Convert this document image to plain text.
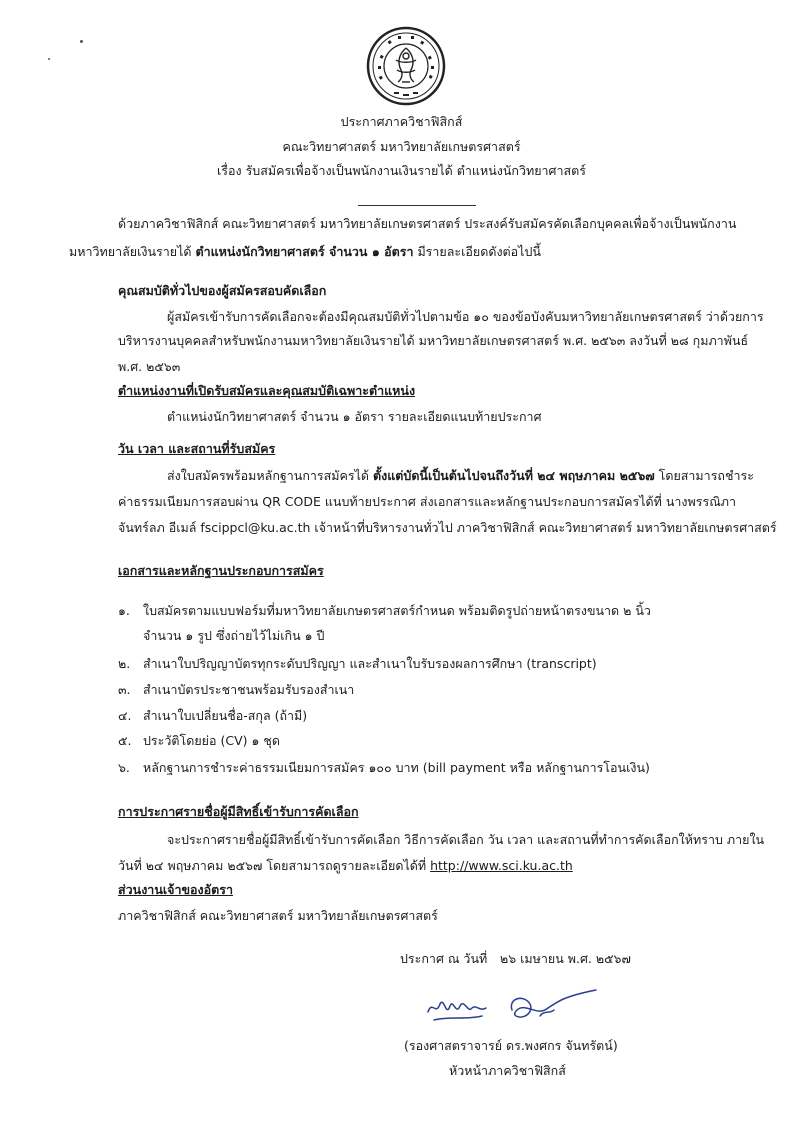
ประกาศภาควิชาฟิสิกส์
คณะวิทยาศาสตร์ มหาวิทยาลัยเกษตรศาสตร์
เรื่อง รับสมัครเพื่อจ้างเป็นพนักงานเงินรายได้ ตำแหน่งนักวิทยาศาสตร์
ด้วยภาควิชาฟิสิกส์ คณะวิทยาศาสตร์ มหาวิทยาลัยเกษตรศาสตร์ ประสงค์รับสมัครคัดเลือกบุคคลเพื่อจ้างเป็นพนักงาน
มหาวิทยาลัยเงินรายได้ ตำแหน่งนักวิทยาศาสตร์ จำนวน ๑ อัตรา มีรายละเอียดดังต่อไปนี้
คุณสมบัติทั่วไปของผู้สมัครสอบคัดเลือก
ผู้สมัครเข้ารับการคัดเลือกจะต้องมีคุณสมบัติทั่วไปตามข้อ ๑๐ ของข้อบังคับมหาวิทยาลัยเกษตรศาสตร์ ว่าด้วยการ
บริหารงานบุคคลสำหรับพนักงานมหาวิทยาลัยเงินรายได้ มหาวิทยาลัยเกษตรศาสตร์ พ.ศ. ๒๕๖๓ ลงวันที่ ๒๘ กุมภาพันธ์
พ.ศ. ๒๕๖๓
ตำแหน่งงานที่เปิดรับสมัครและคุณสมบัติเฉพาะตำแหน่ง
ตำแหน่งนักวิทยาศาสตร์ จำนวน ๑ อัตรา รายละเอียดแนบท้ายประกาศ
วัน เวลา และสถานที่รับสมัคร
ส่งใบสมัครพร้อมหลักฐานการสมัครได้ ตั้งแต่บัดนี้เป็นต้นไปจนถึงวันที่ ๒๔ พฤษภาคม ๒๕๖๗ โดยสามารถชำระ
ค่าธรรมเนียมการสอบผ่าน QR CODE แนบท้ายประกาศ ส่งเอกสารและหลักฐานประกอบการสมัครได้ที่ นางพรรณิภา
จันทร์ลภ อีเมล์ fscippcl@ku.ac.th เจ้าหน้าที่บริหารงานทั่วไป ภาควิชาฟิสิกส์ คณะวิทยาศาสตร์ มหาวิทยาลัยเกษตรศาสตร์
เอกสารและหลักฐานประกอบการสมัคร
๑. ใบสมัครตามแบบฟอร์มที่มหาวิทยาลัยเกษตรศาสตร์กำหนด พร้อมติดรูปถ่ายหน้าตรงขนาด ๒ นิ้ว
จำนวน ๑ รูป ซึ่งถ่ายไว้ไม่เกิน ๑ ปี
๒. สำเนาใบปริญญาบัตรทุกระดับปริญญา และสำเนาใบรับรองผลการศึกษา (transcript)
๓. สำเนาบัตรประชาชนพร้อมรับรองสำเนา
๔. สำเนาใบเปลี่ยนชื่อ-สกุล (ถ้ามี)
๕. ประวัติโดยย่อ (CV) ๑ ชุด
๖. หลักฐานการชำระค่าธรรมเนียมการสมัคร ๑๐๐ บาท (bill payment หรือ หลักฐานการโอนเงิน)
การประกาศรายชื่อผู้มีสิทธิ์เข้ารับการคัดเลือก
จะประกาศรายชื่อผู้มีสิทธิ์เข้ารับการคัดเลือก วิธีการคัดเลือก วัน เวลา และสถานที่ทำการคัดเลือกให้ทราบ ภายใน
วันที่ ๒๔ พฤษภาคม ๒๕๖๗ โดยสามารถดูรายละเอียดได้ที่ http://www.sci.ku.ac.th
ส่วนงานเจ้าของอัตรา
ภาควิชาฟิสิกส์ คณะวิทยาศาสตร์ มหาวิทยาลัยเกษตรศาสตร์
ประกาศ ณ วันที่ ๒๖ เมษายน พ.ศ. ๒๕๖๗
(รองศาสตราจารย์ ดร.พงศกร จันทรัตน์)
หัวหน้าภาควิชาฟิสิกส์
